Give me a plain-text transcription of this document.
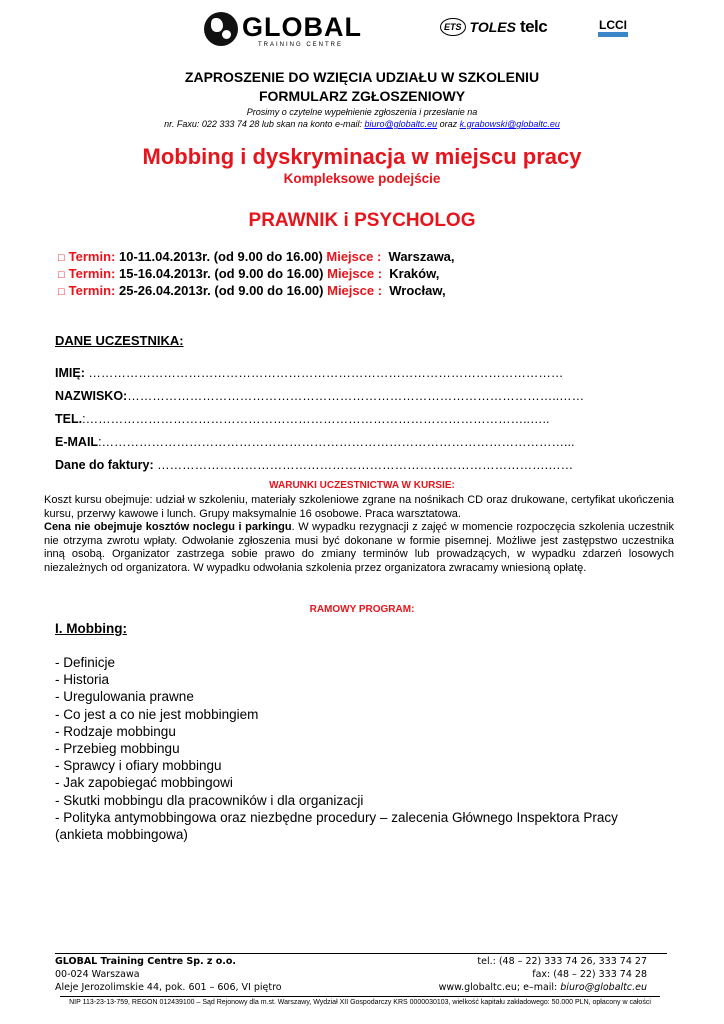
GLOBAL
TRAINING CENTRE
ETS TOLES telc	LCCI
ZAPROSZENIE DO WZIĘCIA UDZIAŁU W SZKOLENIU
FORMULARZ ZGŁOSZENIOWY
Prosimy o czytelne wypełnienie zgłoszenia i przesłanie na
nr. Faxu: 022 333 74 28 lub skan na konto e-mail: biuro@globaltc.eu oraz k.grabowski@globaltc.eu
Mobbing i dyskryminacja w miejscu pracy
Kompleksowe podejście
PRAWNIK i PSYCHOLOG
□ Termin: 10-11.04.2013r. (od 9.00 do 16.00) Miejsce :  Warszawa,
□ Termin: 15-16.04.2013r. (od 9.00 do 16.00) Miejsce :  Kraków,
□ Termin: 25-26.04.2013r. (od 9.00 do 16.00) Miejsce :  Wrocław,
DANE UCZESTNIKA:
IMIĘ: ……………………………………………………………………………………………………
NAZWISKO:…………………………………………………………………………………………..……
TEL.:……………………………………………………………………………………………..…..
E-MAIL:…………………………………………………………………………………………………...
Dane do faktury: ………………………………………………………………………………….……
WARUNKI UCZESTNICTWA W KURSIE:
Koszt kursu obejmuje: udział w szkoleniu, materiały szkoleniowe zgrane na nośnikach CD oraz drukowane, certyfikat ukończenia kursu, przerwy kawowe i lunch. Grupy maksymalnie 16 osobowe. Praca warsztatowa.
Cena nie obejmuje kosztów noclegu i parkingu. W wypadku rezygnacji z zajęć w momencie rozpoczęcia szkolenia uczestnik nie otrzyma zwrotu wpłaty. Odwołanie zgłoszenia musi być dokonane w formie pisemnej. Możliwe jest zastępstwo uczestnika inną osobą. Organizator zastrzega sobie prawo do zmiany terminów lub prowadzących, w wypadku zdarzeń losowych niezależnych od organizatora. W wypadku odwołania szkolenia przez organizatora zwracamy wniesioną opłatę.
RAMOWY PROGRAM:
I. Mobbing:
- Definicje
- Historia
- Uregulowania prawne
- Co jest a co nie jest mobbingiem
- Rodzaje mobbingu
- Przebieg mobbingu
- Sprawcy i ofiary mobbingu
- Jak zapobiegać mobbingowi
- Skutki mobbingu dla pracowników i dla organizacji
- Polityka antymobbingowa oraz niezbędne procedury – zalecenia Głównego Inspektora Pracy
(ankieta mobbingowa)
GLOBAL Training Centre Sp. z o.o.
00-024 Warszawa
Aleje Jerozolimskie 44, pok. 601 – 606, VI piętro
tel.: (48 – 22) 333 74 26, 333 74 27
fax: (48 – 22) 333 74 28
www.globaltc.eu; e–mail: biuro@globaltc.eu
NIP 113-23-13-759, REGON 012439100 – Sąd Rejonowy dla m.st. Warszawy, Wydział XII Gospodarczy KRS 0000030103, wielkość kapitału zakładowego: 50.000 PLN, opłacony w całości
